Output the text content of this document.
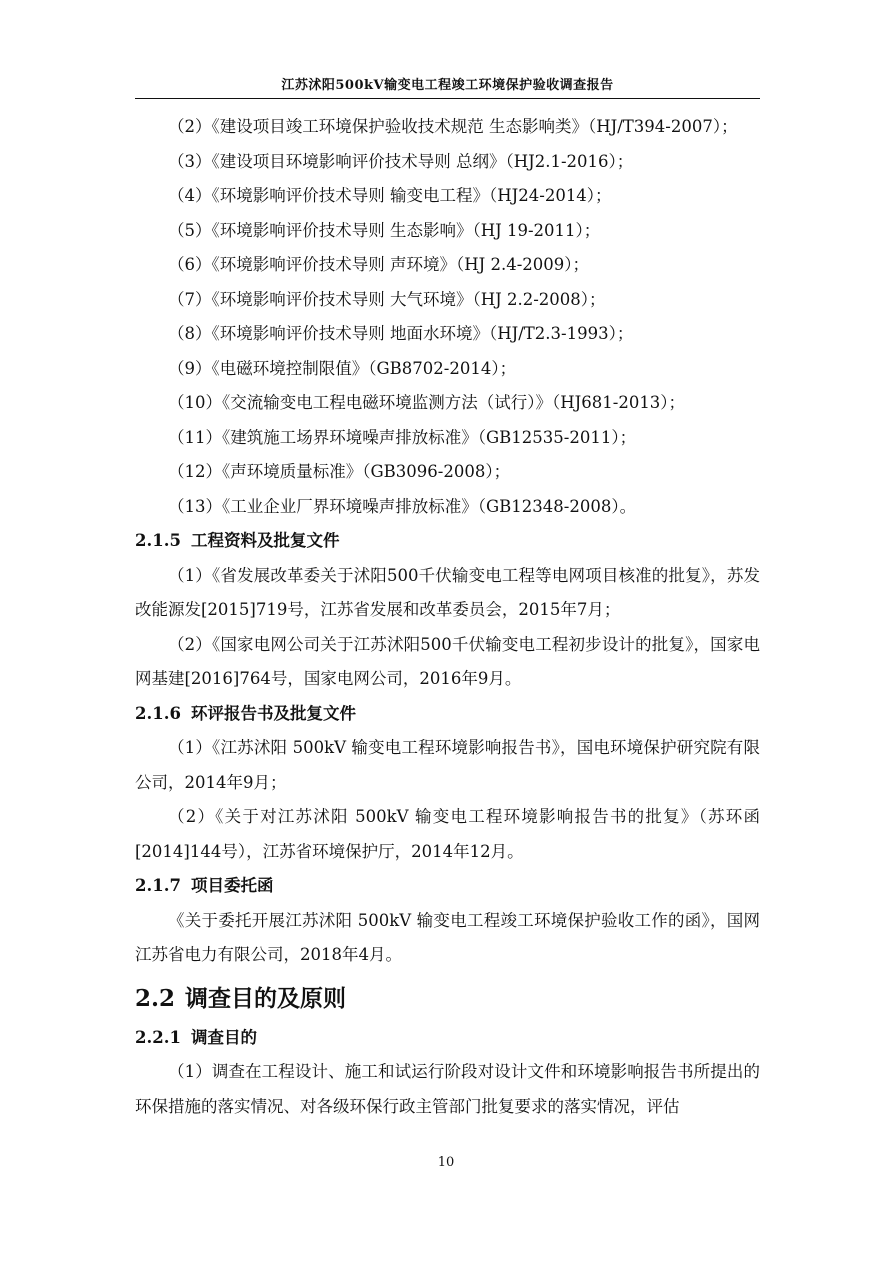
江苏沭阳500kV输变电工程竣工环境保护验收调查报告
（2）《建设项目竣工环境保护验收技术规范 生态影响类》（HJ/T394-2007）；
（3）《建设项目环境影响评价技术导则 总纲》（HJ2.1-2016）；
（4）《环境影响评价技术导则 输变电工程》（HJ24-2014）；
（5）《环境影响评价技术导则 生态影响》（HJ 19-2011）；
（6）《环境影响评价技术导则 声环境》（HJ 2.4-2009）；
（7）《环境影响评价技术导则 大气环境》（HJ 2.2-2008）；
（8）《环境影响评价技术导则 地面水环境》（HJ/T2.3-1993）；
（9）《电磁环境控制限值》（GB8702-2014）；
（10）《交流输变电工程电磁环境监测方法（试行）》（HJ681-2013）；
（11）《建筑施工场界环境噪声排放标准》（GB12535-2011）；
（12）《声环境质量标准》（GB3096-2008）；
（13）《工业企业厂界环境噪声排放标准》（GB12348-2008）。
2.1.5 工程资料及批复文件
（1）《省发展改革委关于沭阳500千伏输变电工程等电网项目核准的批复》，苏发改能源发[2015]719号，江苏省发展和改革委员会，2015年7月；
（2）《国家电网公司关于江苏沭阳500千伏输变电工程初步设计的批复》，国家电网基建[2016]764号，国家电网公司，2016年9月。
2.1.6 环评报告书及批复文件
（1）《江苏沭阳 500kV 输变电工程环境影响报告书》，国电环境保护研究院有限公司，2014年9月；
（2）《关于对江苏沭阳 500kV 输变电工程环境影响报告书的批复》（苏环函[2014]144号），江苏省环境保护厅，2014年12月。
2.1.7 项目委托函
《关于委托开展江苏沭阳 500kV 输变电工程竣工环境保护验收工作的函》，国网江苏省电力有限公司，2018年4月。
2.2 调查目的及原则
2.2.1 调查目的
（1）调查在工程设计、施工和试运行阶段对设计文件和环境影响报告书所提出的环保措施的落实情况、对各级环保行政主管部门批复要求的落实情况，评估
10
